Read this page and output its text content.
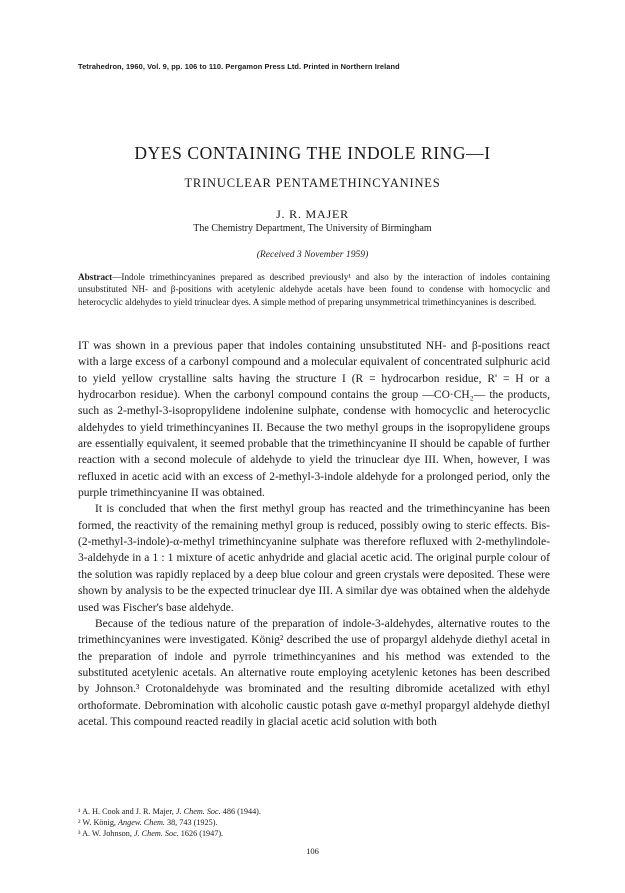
Tetrahedron, 1960, Vol. 9, pp. 106 to 110. Pergamon Press Ltd. Printed in Northern Ireland
DYES CONTAINING THE INDOLE RING—I
TRINUCLEAR PENTAMETHINCYANINES
J. R. MAJER
The Chemistry Department, The University of Birmingham
(Received 3 November 1959)
Abstract—Indole trimethincyanines prepared as described previously¹ and also by the interaction of indoles containing unsubstituted NH- and β-positions with acetylenic aldehyde acetals have been found to condense with homocyclic and heterocyclic aldehydes to yield trinuclear dyes. A simple method of preparing unsymmetrical trimethincyanines is described.

IT was shown in a previous paper that indoles containing unsubstituted NH- and β-positions react with a large excess of a carbonyl compound and a molecular equivalent of concentrated sulphuric acid to yield yellow crystalline salts having the structure I (R = hydrocarbon residue, R' = H or a hydrocarbon residue). When the carbonyl compound contains the group —CO·CH₂— the products, such as 2-methyl-3-isopropylidene indoleninе sulphate, condense with homocyclic and heterocyclic aldehydes to yield trimethincyanines II. Because the two methyl groups in the isopropylidene groups are essentially equivalent, it seemed probable that the trimethincyanine II should be capable of further reaction with a second molecule of aldehyde to yield the trinuclear dye III. When, however, I was refluxed in acetic acid with an excess of 2-methyl-3-indole aldehyde for a prolonged period, only the purple trimethincyanine II was obtained.

It is concluded that when the first methyl group has reacted and the trimethincyanine has been formed, the reactivity of the remaining methyl group is reduced, possibly owing to steric effects. Bis-(2-methyl-3-indole)-α-methyl trimethincyanine sulphate was therefore refluxed with 2-methylindole-3-aldehyde in a 1 : 1 mixture of acetic anhydride and glacial acetic acid. The original purple colour of the solution was rapidly replaced by a deep blue colour and green crystals were deposited. These were shown by analysis to be the expected trinuclear dye III. A similar dye was obtained when the aldehyde used was Fischer's base aldehyde.

Because of the tedious nature of the preparation of indole-3-aldehydes, alternative routes to the trimethincyanines were investigated. König² described the use of propargyl aldehyde diethyl acetal in the preparation of indole and pyrrole trimethincyanines and his method was extended to the substituted acetylenic acetals. An alternative route employing acetylenic ketones has been described by Johnson.³ Crotonaldehyde was brominated and the resulting dibromide acetalized with ethyl orthoformate. Debromination with alcoholic caustic potash gave α-methyl propargyl aldehyde diethyl acetal. This compound reacted readily in glacial acetic acid solution with both

¹ A. H. Cook and J. R. Majer, J. Chem. Soc. 486 (1944).
² W. König, Angew. Chem. 38, 743 (1925).
³ A. W. Johnson, J. Chem. Soc. 1626 (1947).
106
